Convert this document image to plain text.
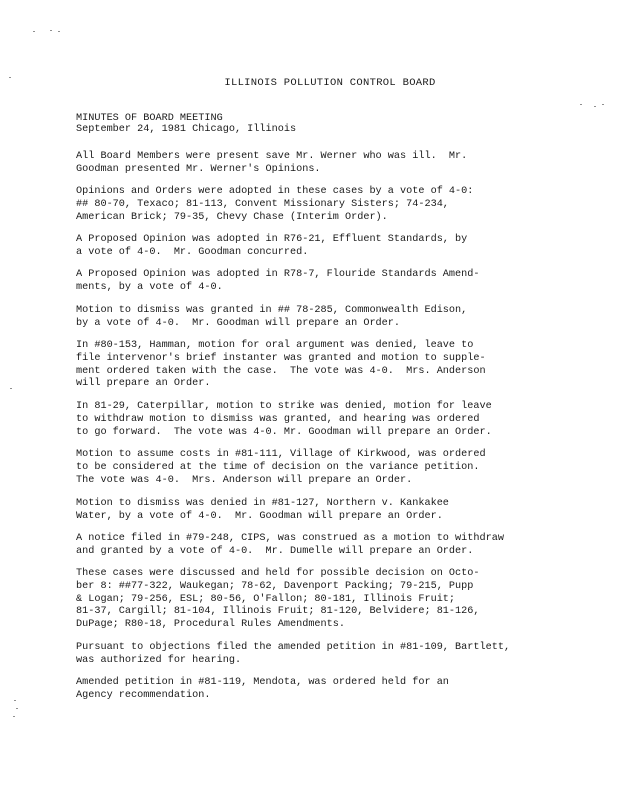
ILLINOIS POLLUTION CONTROL BOARD
MINUTES OF BOARD MEETING
September 24, 1981 Chicago, Illinois
All Board Members were present save Mr. Werner who was ill.  Mr.
Goodman presented Mr. Werner's Opinions.
Opinions and Orders were adopted in these cases by a vote of 4-0:
## 80-70, Texaco; 81-113, Convent Missionary Sisters; 74-234,
American Brick; 79-35, Chevy Chase (Interim Order).
A Proposed Opinion was adopted in R76-21, Effluent Standards, by
a vote of 4-0.  Mr. Goodman concurred.
A Proposed Opinion was adopted in R78-7, Flouride Standards Amend-
ments, by a vote of 4-0.
Motion to dismiss was granted in ## 78-285, Commonwealth Edison,
by a vote of 4-0.  Mr. Goodman will prepare an Order.
In #80-153, Hamman, motion for oral argument was denied, leave to
file intervenor's brief instanter was granted and motion to supple-
ment ordered taken with the case.  The vote was 4-0.  Mrs. Anderson
will prepare an Order.
In 81-29, Caterpillar, motion to strike was denied, motion for leave
to withdraw motion to dismiss was granted, and hearing was ordered
to go forward.  The vote was 4-0. Mr. Goodman will prepare an Order.
Motion to assume costs in #81-111, Village of Kirkwood, was ordered
to be considered at the time of decision on the variance petition.
The vote was 4-0.  Mrs. Anderson will prepare an Order.
Motion to dismiss was denied in #81-127, Northern v. Kankakee
Water, by a vote of 4-0.  Mr. Goodman will prepare an Order.
A notice filed in #79-248, CIPS, was construed as a motion to withdraw
and granted by a vote of 4-0.  Mr. Dumelle will prepare an Order.
These cases were discussed and held for possible decision on Octo-
ber 8: ##77-322, Waukegan; 78-62, Davenport Packing; 79-215, Pupp
& Logan; 79-256, ESL; 80-56, O'Fallon; 80-181, Illinois Fruit;
81-37, Cargill; 81-104, Illinois Fruit; 81-120, Belvidere; 81-126,
DuPage; R80-18, Procedural Rules Amendments.
Pursuant to objections filed the amended petition in #81-109, Bartlett,
was authorized for hearing.
Amended petition in #81-119, Mendota, was ordered held for an
Agency recommendation.
